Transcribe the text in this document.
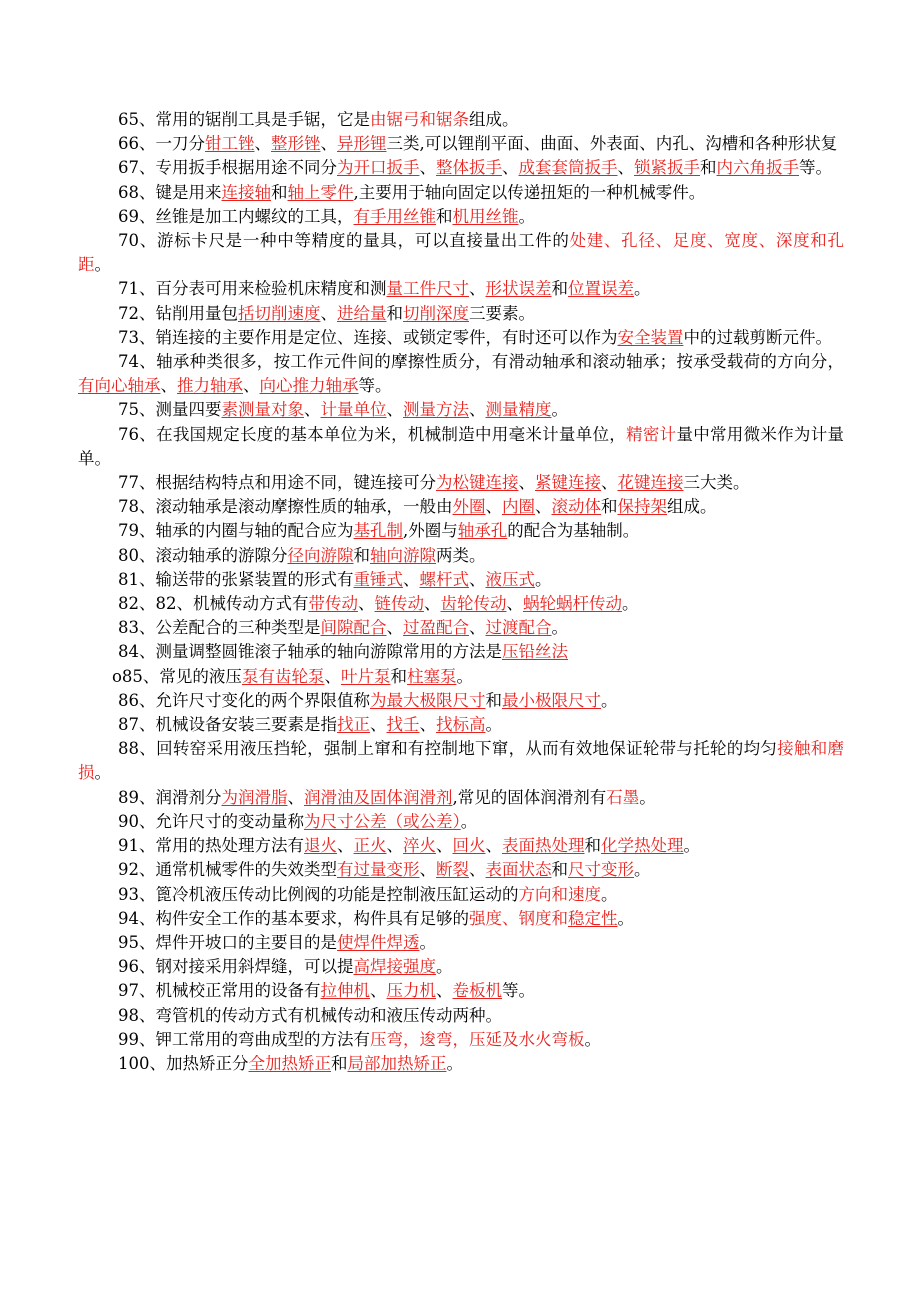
65、常用的锯削工具是手锯，它是由锯弓和锯条组成。

66、一刀分钳工锉、整形锉、异形锂三类,可以锂削平面、曲面、外表面、内孔、沟槽和各种形状复

67、专用扳手根据用途不同分为开口扳手、整体扳手、成套套筒扳手、锁紧扳手和内六角扳手等。

68、键是用来连接轴和轴上零件,主要用于轴向固定以传递扭矩的一种机械零件。

69、丝锥是加工内螺纹的工具，有手用丝锥和机用丝锥。

70、游标卡尺是一种中等精度的量具，可以直接量出工件的处建、孔径、足度、宽度、深度和孔距。

71、百分表可用来检验机床精度和测量工件尺寸、形状误差和位置误差。

72、钻削用量包括切削速度、进给量和切削深度三要素。

73、销连接的主要作用是定位、连接、或锁定零件，有时还可以作为安全装置中的过载剪断元件。

74、轴承种类很多，按工作元件间的摩擦性质分，有滑动轴承和滚动轴承；按承受载荷的方向分，有向心轴承、推力轴承、向心推力轴承等。

75、测量四要素测量对象、计量单位、测量方法、测量精度。

76、在我国规定长度的基本单位为米，机械制造中用毫米计量单位，精密计量中常用微米作为计量单。

77、根据结构特点和用途不同，键连接可分为松键连接、紧键连接、花键连接三大类。

78、滚动轴承是滚动摩擦性质的轴承，一般由外圈、内圈、滚动体和保持架组成。

79、轴承的内圈与轴的配合应为基孔制,外圈与轴承孔的配合为基轴制。

80、滚动轴承的游隙分径向游隙和轴向游隙两类。

81、输送带的张紧装置的形式有重锤式、螺杆式、液压式。

82、82、机械传动方式有带传动、链传动、齿轮传动、蜗轮蜗杆传动。

83、公差配合的三种类型是间隙配合、过盈配合、过渡配合。

84、测量调整圆锥滚子轴承的轴向游隙常用的方法是压铅丝法

o85、常见的液压泵有齿轮泵、叶片泵和柱塞泵。

86、允许尺寸变化的两个界限值称为最大极限尺寸和最小极限尺寸。

87、机械设备安装三要素是指找正、找壬、找标高。

88、回转窑采用液压挡轮，强制上窜和有控制地下窜，从而有效地保证轮带与托轮的均匀接触和磨损。

89、润滑剂分为润滑脂、润滑油及固体润滑剂,常见的固体润滑剂有石墨。

90、允许尺寸的变动量称为尺寸公差（或公差）。

91、常用的热处理方法有退火、正火、淬火、回火、表面热处理和化学热处理。

92、通常机械零件的失效类型有过量变形、断裂、表面状态和尺寸变形。

93、篦冷机液压传动比例阀的功能是控制液压缸运动的方向和速度。

94、构件安全工作的基本要求，构件具有足够的强度、钢度和稳定性。

95、焊件开坡口的主要目的是使焊件焊透。

96、钢对接采用斜焊缝，可以提高焊接强度。

97、机械校正常用的设备有拉伸机、压力机、卷板机等。

98、弯管机的传动方式有机械传动和液压传动两种。

99、钾工常用的弯曲成型的方法有压弯，逡弯，压延及水火弯板。

100、加热矫正分全加热矫正和局部加热矫正。
